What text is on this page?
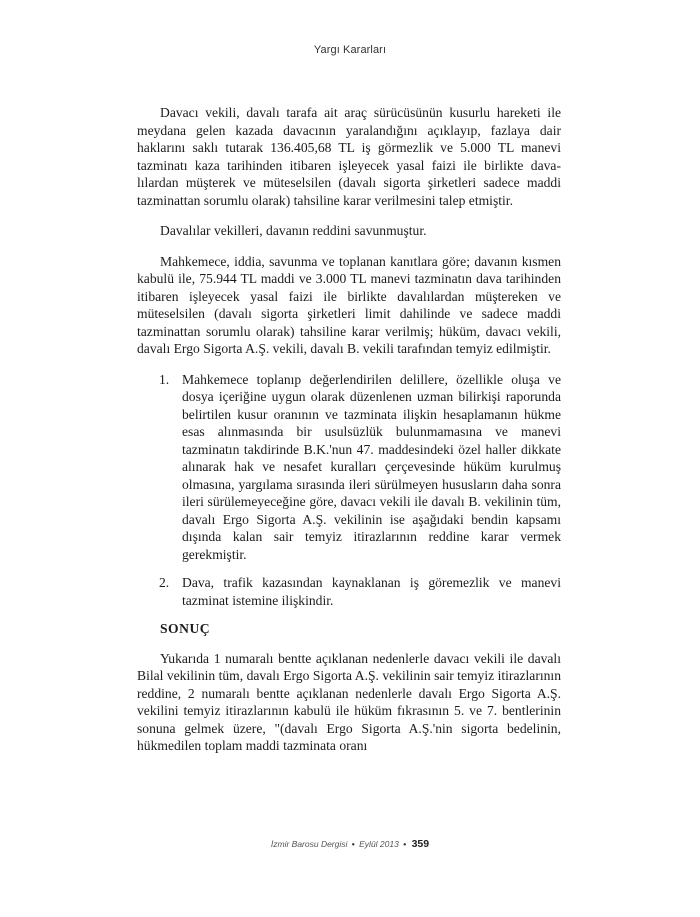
Yargı Kararları

Davacı vekili, davalı tarafa ait araç sürücüsünün kusurlu hareketi ile meydana gelen kazada davacının yaralandığını açıklayıp, fazlaya dair haklarını saklı tutarak 136.405,68 TL iş görmezlik ve 5.000 TL manevi tazminatı kaza tarihinden itibaren işleyecek yasal faizi ile birlikte davalılardan müşterek ve müteselsilen (davalı sigorta şirketleri sadece maddi tazminattan sorumlu olarak) tahsiline karar verilmesini talep etmiştir.

Davalılar vekilleri, davanın reddini savunmuştur.

Mahkemece, iddia, savunma ve toplanan kanıtlara göre; davanın kısmen kabulü ile, 75.944 TL maddi ve 3.000 TL manevi tazminatın dava tarihinden itibaren işleyecek yasal faizi ile birlikte davalılardan müştereken ve müteselsilen (davalı sigorta şirketleri limit dahilinde ve sadece maddi tazminattan sorumlu olarak) tahsiline karar verilmiş; hüküm, davacı vekili, davalı Ergo Sigorta A.Ş. vekili, davalı B. vekili tarafından temyiz edilmiştir.

1. Mahkemece toplanıp değerlendirilen delillere, özellikle oluşa ve dosya içeriğine uygun olarak düzenlenen uzman bilirkişi raporunda belirtilen kusur oranının ve tazminata ilişkin hesaplamanın hükme esas alınmasında bir usulsüzlük bulunmamasına ve manevi tazminatın takdirinde B.K.'nun 47. maddesindeki özel haller dikkate alınarak hak ve nesafet kuralları çerçevesinde hüküm kurulmuş olmasına, yargılama sırasında ileri sürülmeyen hususların daha sonra ileri sürülemeyeceğine göre, davacı vekili ile davalı B. vekilinin tüm, davalı Ergo Sigorta A.Ş. vekilinin ise aşağıdaki bendin kapsamı dışında kalan sair temyiz itirazlarının reddine karar vermek gerekmiştir.
2. Dava, trafik kazasından kaynaklanan iş göremezlik ve manevi tazminat istemine ilişkindir.
SONUÇ

Yukarıda 1 numaralı bentte açıklanan nedenlerle davacı vekili ile davalı Bilal vekilinin tüm, davalı Ergo Sigorta A.Ş. vekilinin sair temyiz itirazlarının reddine, 2 numaralı bentte açıklanan nedenlerle davalı Ergo Sigorta A.Ş. vekilini temyiz itirazlarının kabulü ile hüküm fıkrasının 5. ve 7. bentlerinin sonuna gelmek üzere, "(davalı Ergo Sigorta A.Ş.'nin sigorta bedelinin, hükmedilen toplam maddi tazminata oranı

İzmir Barosu Dergisi • Eylül 2013 • 359
